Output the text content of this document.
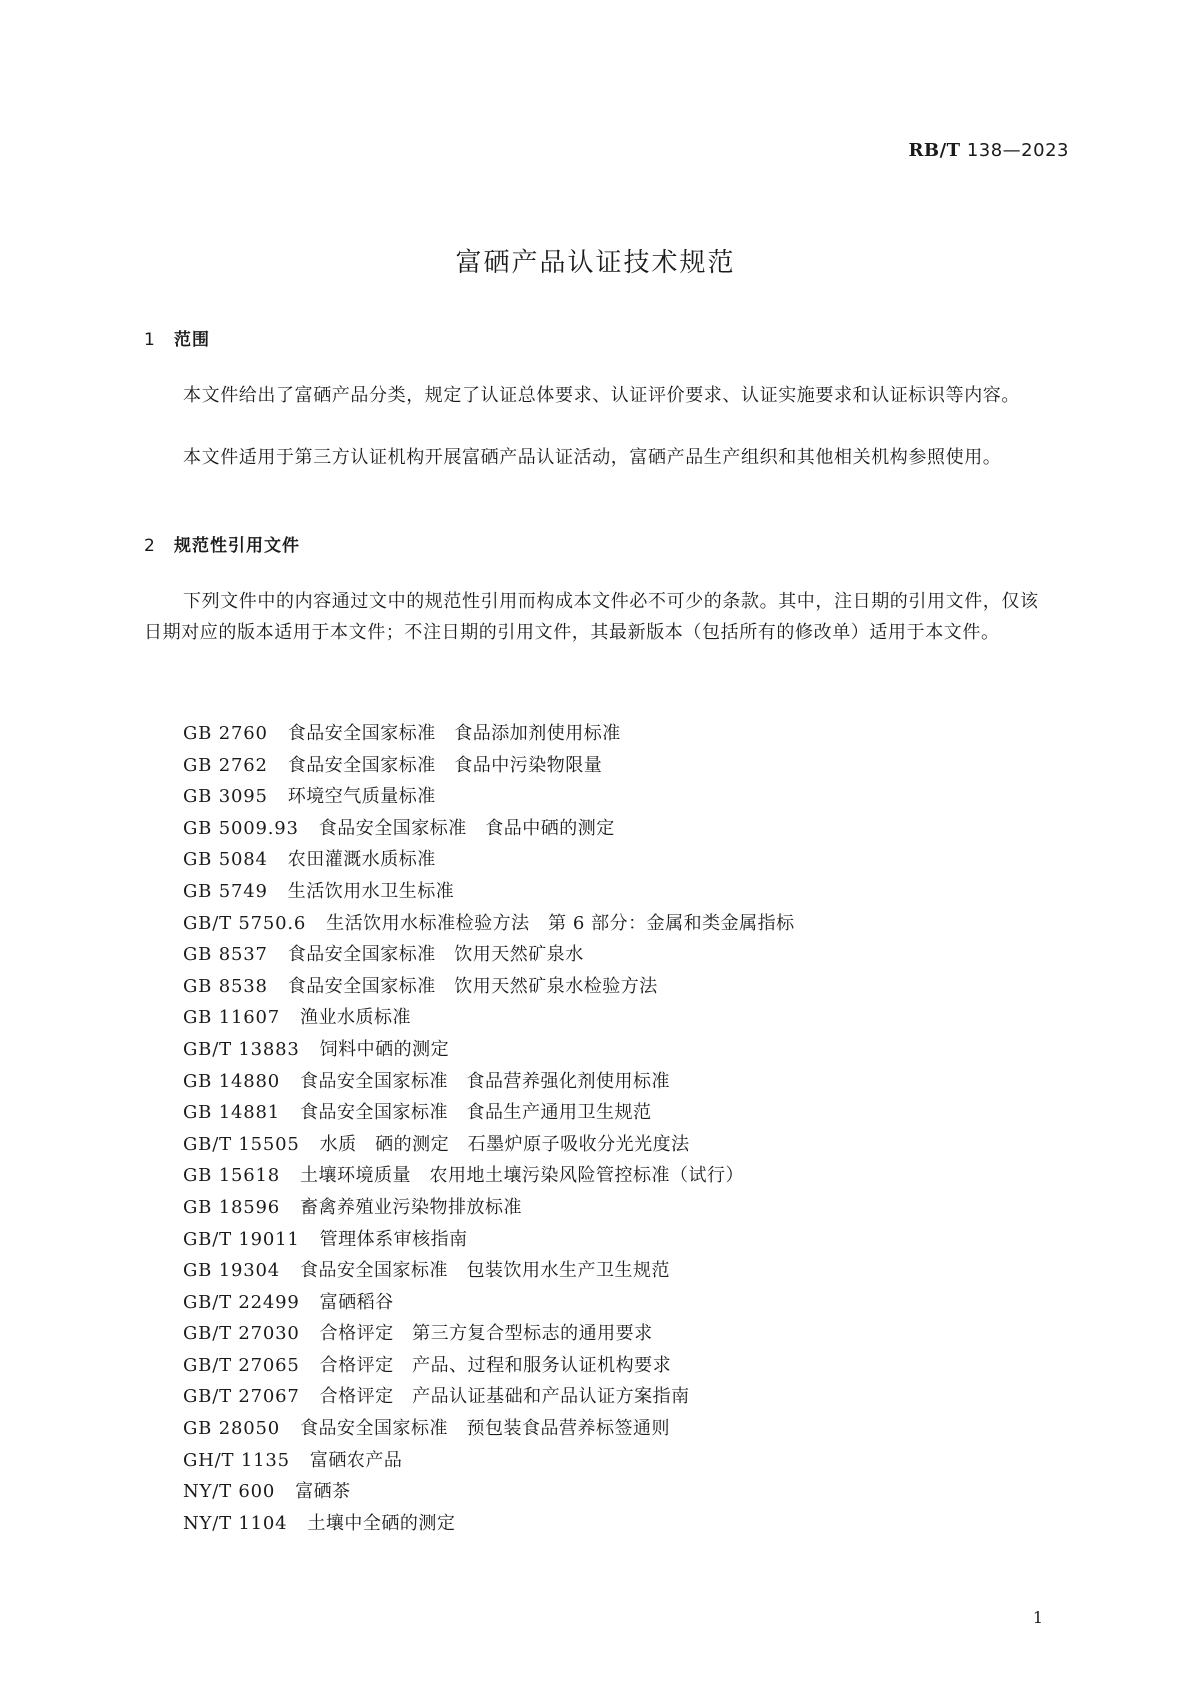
RB/T 138—2023

富硒产品认证技术规范
1 范围

本文件给出了富硒产品分类，规定了认证总体要求、认证评价要求、认证实施要求和认证标识等内容。

本文件适用于第三方认证机构开展富硒产品认证活动，富硒产品生产组织和其他相关机构参照使用。

2 规范性引用文件

下列文件中的内容通过文中的规范性引用而构成本文件必不可少的条款。其中，注日期的引用文件，仅该日期对应的版本适用于本文件；不注日期的引用文件，其最新版本（包括所有的修改单）适用于本文件。

GB 2760 食品安全国家标准　食品添加剂使用标准
GB 2762 食品安全国家标准　食品中污染物限量
GB 3095 环境空气质量标准
GB 5009.93 食品安全国家标准　食品中硒的测定
GB 5084 农田灌溉水质标准
GB 5749 生活饮用水卫生标准
GB/T 5750.6 生活饮用水标准检验方法　第 6 部分：金属和类金属指标
GB 8537 食品安全国家标准　饮用天然矿泉水
GB 8538 食品安全国家标准　饮用天然矿泉水检验方法
GB 11607 渔业水质标准
GB/T 13883 饲料中硒的测定
GB 14880 食品安全国家标准　食品营养强化剂使用标准
GB 14881 食品安全国家标准　食品生产通用卫生规范
GB/T 15505 水质　硒的测定　石墨炉原子吸收分光光度法
GB 15618 土壤环境质量　农用地土壤污染风险管控标准（试行）
GB 18596 畜禽养殖业污染物排放标准
GB/T 19011 管理体系审核指南
GB 19304 食品安全国家标准　包装饮用水生产卫生规范
GB/T 22499 富硒稻谷
GB/T 27030 合格评定　第三方复合型标志的通用要求
GB/T 27065 合格评定　产品、过程和服务认证机构要求
GB/T 27067 合格评定　产品认证基础和产品认证方案指南
GB 28050 食品安全国家标准　预包装食品营养标签通则
GH/T 1135 富硒农产品
NY/T 600 富硒茶
NY/T 1104 土壤中全硒的测定

1
